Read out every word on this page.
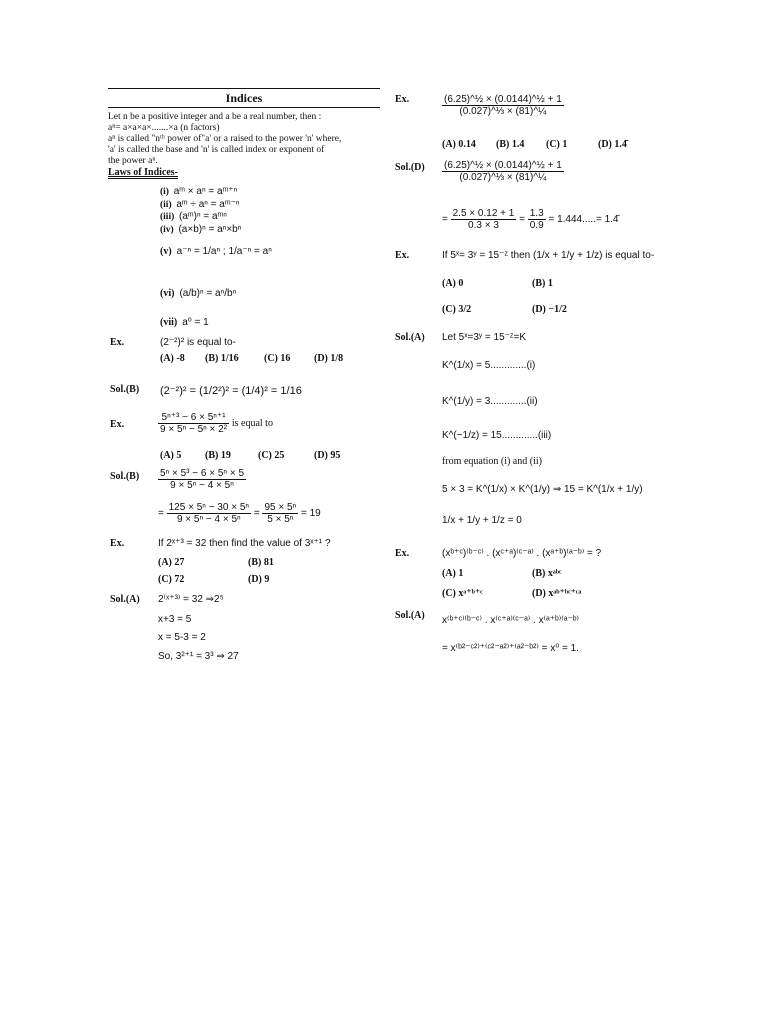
Indices

Let n be a positive integer and a be a real number, then :

aⁿ= a×a×a×.......×a (n factors)

aⁿ is called "nᵗʰ power of"a' or a raised to the power 'n' where,

'a' is called the base and 'n' is called index or exponent of

the power aⁿ.

Laws of Indices-
(i) aᵐ × aⁿ = aᵐ⁺ⁿ
(ii) aᵐ ÷ aⁿ = aᵐ⁻ⁿ
(iii) (aᵐ)ⁿ = aᵐⁿ
(iv) (a×b)ⁿ = aⁿ×bⁿ
(v) a⁻ⁿ = 1/aⁿ ; 1/a⁻ⁿ = aⁿ
(vi) (a/b)ⁿ = aⁿ/bⁿ
(vii) a⁰ = 1
Ex.	(2⁻²)² is equal to-
(A) -8 (B) 1/16	(C) 16 (D) 1/8
Sol.(B) (2⁻²)² = (1/2²)² = (1/4)² = 1/16
Ex.	$\frac{\text{5ⁿ⁺³ − 6 × 5ⁿ⁺¹}}{\text{9 × 5ⁿ − 5ⁿ × 2²}}$ is equal to
(A) 5 (B) 19	(C) 25	(D) 95
$Sol.(B) \frac{\text{5ⁿ × 5³ − 6 × 5ⁿ × 5}}{\text{9 × 5ⁿ − 4 × 5ⁿ}}$
= $\frac{\text{125 × 5ⁿ − 30 × 5ⁿ}}{\text{9 × 5ⁿ − 4 × 5ⁿ}} = \frac{\text{95 × 5ⁿ}}{\text{5 × 5ⁿ}} = 19$
Ex.	If 2ˣ⁺³ = 32 then find the value of 3ˣ⁺¹ ?
(A) 27	(B) 81
(C) 72	(D) 9
Sol.(A) 2⁽ˣ⁺³⁾ = 32 ⇒2⁵
x+3 = 5
x = 5-3 = 2
So, 3²⁺¹ = 3³ ⇒ 27
Ex.	$\frac{\text{(6.25)\textasciicircum{}½ × (0.0144)\textasciicircum{}½ + 1}}{\text{(0.027)\textasciicircum{}⅓ × (81)\textasciicircum{}¼}}$
(A) 0.14 (B) 1.4 (C) 1	(D) 1.4̄
$Sol.(D) \frac{\text{(6.25)\textasciicircum{}½ × (0.0144)\textasciicircum{}½ + 1}}{\text{(0.027)\textasciicircum{}⅓ × (81)\textasciicircum{}¼}}$
= $\frac{2.5 \times 0.12 + 1}{0.3 \times 3} = \frac{1.3}{0.9} = 1.444.....=$ 1.4̄
Ex.	If 5ˣ= 3ʸ = 15⁻ᶻ then (1/x + 1/y + 1/z) is equal to-
(A) 0	(B) 1
(C) 3/2	(D) −1/2
Sol.(A) Let 5ˣ=3ʸ = 15⁻ᶻ=K
K^(1/x) = 5.............(i)
K^(1/y) = 3.............(ii)
K^(−1/z) = 15.............(iii)
from equation (i) and (ii)
5 × 3 = K^(1/x) × K^(1/y) ⇒ 15 = K^(1/x + 1/y)
1/x + 1/y + 1/z = 0
Ex.	(xᵇ⁺ᶜ)⁽ᵇ⁻ᶜ⁾ . (xᶜ⁺ᵃ)⁽ᶜ⁻ᵃ⁾ . (xᵃ⁺ᵇ)⁽ᵃ⁻ᵇ⁾ = ?
(A) 1	(B) xᵃᵇᶜ
(C) xᵃ⁺ᵇ⁺ᶜ	(D) xᵃᵇ⁺ᵇᶜ⁺ᶜᵃ
Sol.(A) x⁽ᵇ⁺ᶜ⁾⁽ᵇ⁻ᶜ⁾ . x⁽ᶜ⁺ᵃ⁾⁽ᶜ⁻ᵃ⁾ . x⁽ᵃ⁺ᵇ⁾⁽ᵃ⁻ᵇ⁾
= x⁽ᵇ²⁻ᶜ²⁾⁺⁽ᶜ²⁻ᵃ²⁾⁺⁽ᵃ²⁻ᵇ²⁾ = x⁰ = 1.
